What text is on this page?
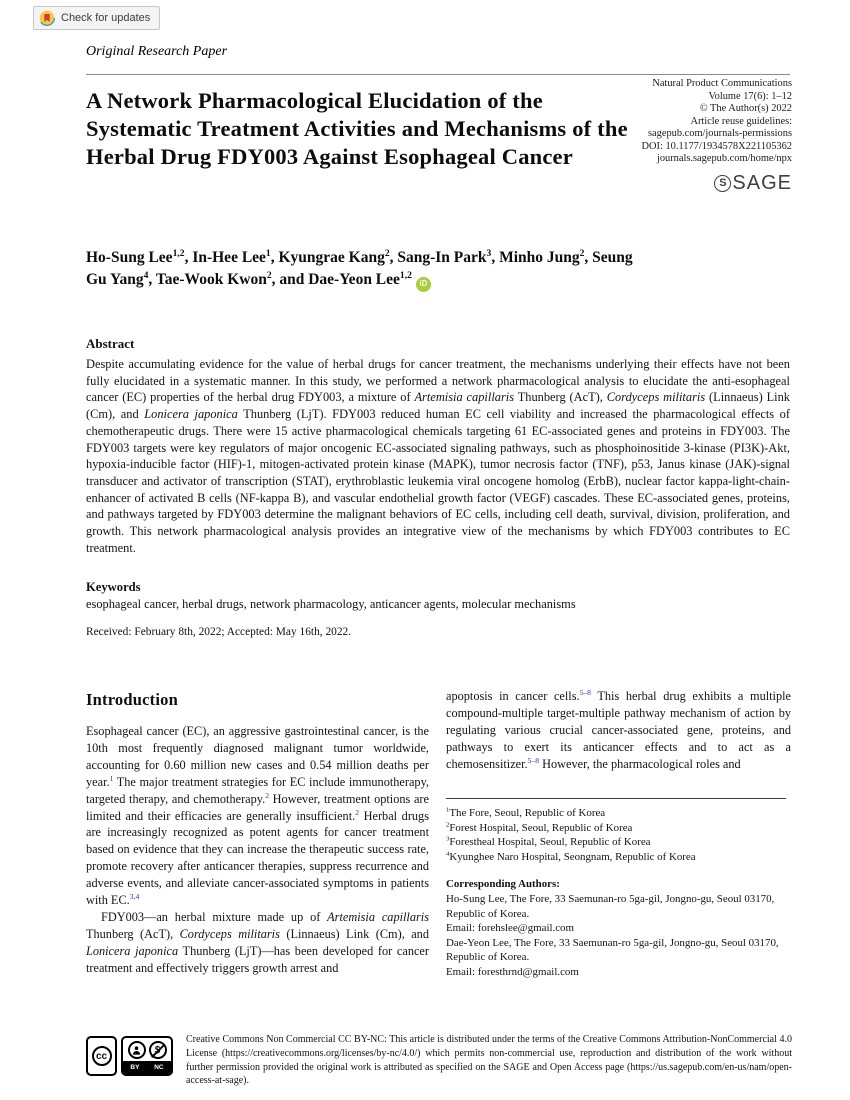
Check for updates
Original Research Paper
A Network Pharmacological Elucidation of the Systematic Treatment Activities and Mechanisms of the Herbal Drug FDY003 Against Esophageal Cancer
Natural Product Communications
Volume 17(6): 1–12
© The Author(s) 2022
Article reuse guidelines:
sagepub.com/journals-permissions
DOI: 10.1177/1934578X221105362
journals.sagepub.com/home/npx
S SAGE
Ho-Sung Lee$^{1,2}$, In-Hee Lee$^1$, Kyungrae Kang$^2$, Sang-In Park$^3$, Minho Jung$^2$, Seung Gu Yang$^4$, Tae-Wook Kwon$^2$, and Dae-Yeon Lee$^{1,2}$iD
Abstract
Despite accumulating evidence for the value of herbal drugs for cancer treatment, the mechanisms underlying their effects have not been fully elucidated in a systematic manner. In this study, we performed a network pharmacological analysis to elucidate the anti-esophageal cancer (EC) properties of the herbal drug FDY003, a mixture of Artemisia capillaris Thunberg (AcT), Cordyceps militaris (Linnaeus) Link (Cm), and Lonicera japonica Thunberg (LjT). FDY003 reduced human EC cell viability and increased the pharmacological effects of chemotherapeutic drugs. There were 15 active pharmacological chemicals targeting 61 EC-associated genes and proteins in FDY003. The FDY003 targets were key regulators of major oncogenic EC-associated signaling pathways, such as phosphoinositide 3-kinase (PI3K)-Akt, hypoxia-inducible factor (HIF)-1, mitogen-activated protein kinase (MAPK), tumor necrosis factor (TNF), p53, Janus kinase (JAK)-signal transducer and activator of transcription (STAT), erythroblastic leukemia viral oncogene homolog (ErbB), nuclear factor kappa-light-chain-enhancer of activated B cells (NF-kappa B), and vascular endothelial growth factor (VEGF) cascades. These EC-associated genes, proteins, and pathways targeted by FDY003 determine the malignant behaviors of EC cells, including cell death, survival, division, proliferation, and growth. This network pharmacological analysis provides an integrative view of the mechanisms by which FDY003 contributes to EC treatment.
Keywords
esophageal cancer, herbal drugs, network pharmacology, anticancer agents, molecular mechanisms
Received: February 8th, 2022; Accepted: May 16th, 2022.
Introduction

Esophageal cancer (EC), an aggressive gastrointestinal cancer, is the 10th most frequently diagnosed malignant tumor worldwide, accounting for 0.60 million new cases and 0.54 million deaths per year.$^1$ The major treatment strategies for EC include immunotherapy, targeted therapy, and chemotherapy.$^2$ However, treatment options are limited and their efficacies are generally insufficient.$^2$ Herbal drugs are increasingly recognized as potent agents for cancer treatment based on evidence that they can increase the therapeutic success rate, promote recovery after anticancer therapies, suppress recurrence and adverse events, and alleviate cancer-associated symptoms in patients with EC.$^{3,4}$

FDY003—an herbal mixture made up of Artemisia capillaris Thunberg (AcT), Cordyceps militaris (Linnaeus) Link (Cm), and Lonicera japonica Thunberg (LjT)—has been developed for cancer treatment and effectively triggers growth arrest and

apoptosis in cancer cells.$^{5-8}$ This herbal drug exhibits a multiple compound-multiple target-multiple pathway mechanism of action by regulating various crucial cancer-associated gene, proteins, and pathways to exert its anticancer effects and to act as a chemosensitizer.$^{5-8}$ However, the pharmacological roles and

$^1$The Fore, Seoul, Republic of Korea
$^2$Forest Hospital, Seoul, Republic of Korea
$^3$Forestheal Hospital, Seoul, Republic of Korea
$^4$Kyunghee Naro Hospital, Seongnam, Republic of Korea
Corresponding Authors:
Ho-Sung Lee, The Fore, 33 Saemunan-ro 5ga-gil, Jongno-gu, Seoul 03170, Republic of Korea.
Email: forehslee@gmail.com
Dae-Yeon Lee, The Fore, 33 Saemunan-ro 5ga-gil, Jongno-gu, Seoul 03170, Republic of Korea.
Email: foresthrnd@gmail.com
cc
BY NC
Creative Commons Non Commercial CC BY-NC: This article is distributed under the terms of the Creative Commons Attribution-NonCommercial 4.0 License (https://creativecommons.org/licenses/by-nc/4.0/) which permits non-commercial use, reproduction and distribution of the work without further permission provided the original work is attributed as specified on the SAGE and Open Access page (https://us.sagepub.com/en-us/nam/open-access-at-sage).
